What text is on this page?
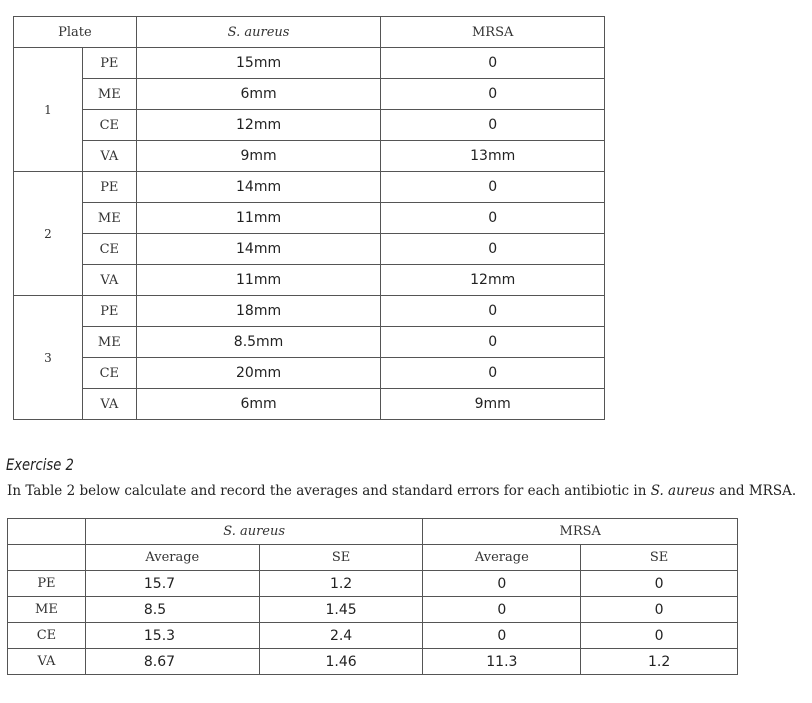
Plate		S. aureus	MRSA
1	PE	15mm	0
	ME	6mm	0
	CE	12mm	0
	VA	9mm	13mm
2	PE	14mm	0
	ME	11mm	0
	CE	14mm	0
	VA	11mm	12mm
3	PE	18mm	0
	ME	8.5mm	0
	CE	20mm	0
	VA	6mm	9mm
Exercise 2
In Table 2 below calculate and record the averages and standard errors for each antibiotic in S. aureus and MRSA.
	S. aureus		MRSA	
	Average	SE	Average	SE
PE	15.7	1.2	0	0
ME	8.5	1.45	0	0
CE	15.3	2.4	0	0
VA	8.67	1.46	11.3	1.2
